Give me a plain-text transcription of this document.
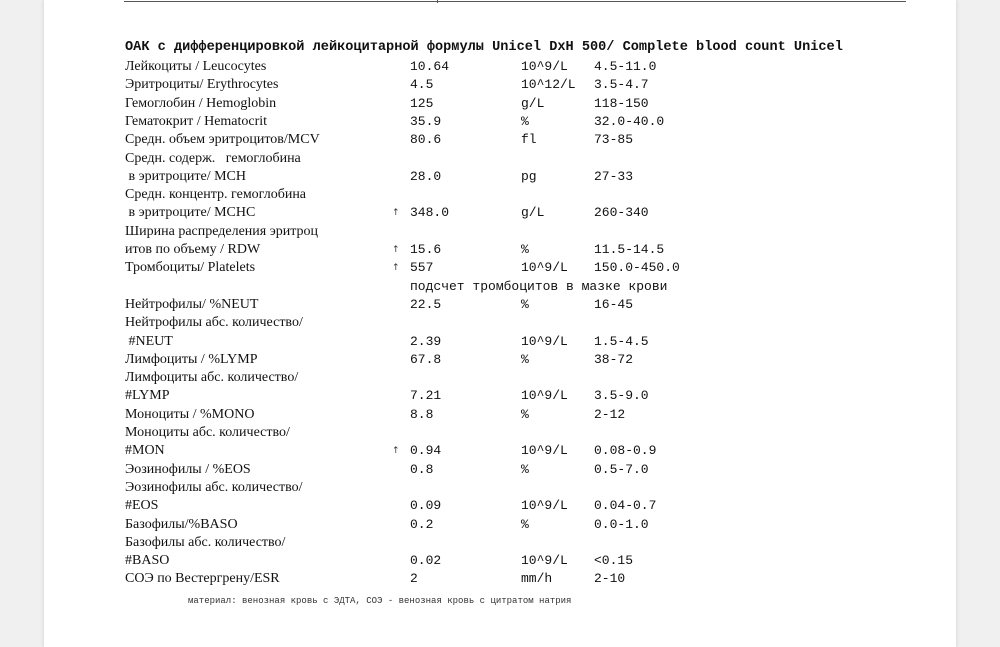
ОАК с дифференцировкой лейкоцитарной формулы Unicel DxH 500/ Complete blood count Unicel
Лейкоциты / Leucocytes	10.64	10^9/L 4.5-11.0
Эритроциты/ Erythrocytes	4.5	10^12/L 3.5-4.7
Гемоглобин / Hemoglobin	125	g/L	118-150
Гематокрит / Hematocrit	35.9	%	32.0-40.0
Средн. объем эритроцитов/MCV	80.6	fl	73-85
Средн. содерж.   гемоглобина
в эритроците/ MCH	28.0	pg	27-33
Средн. концентр. гемоглобина
в эритроците/ MCHC	↑ 348.0	g/L	260-340
Ширина распределения эритроц
итов по объему / RDW	↑ 15.6	%	11.5-14.5
Тромбоциты/ Platelets	↑ 557	10^9/L 150.0-450.0
Нейтрофилы/ %NEUT	22.5	%	16-45
Нейтрофилы абс. количество/
#NEUT	2.39	10^9/L 1.5-4.5
Лимфоциты / %LYMP	67.8	%	38-72
Лимфоциты абс. количество/
#LYMP	7.21	10^9/L 3.5-9.0
Моноциты / %MONO	8.8	%	2-12
Моноциты абс. количество/
#MON	↑ 0.94	10^9/L 0.08-0.9
Эозинофилы / %EOS	0.8	%	0.5-7.0
Эозинофилы абс. количество/
#EOS	0.09	10^9/L 0.04-0.7
Базофилы/%BASO	0.2	%	0.0-1.0
Базофилы абс. количество/
#BASO	0.02	10^9/L <0.15
СОЭ по Вестергрену/ESR	2	mm/h	2-10
подсчет тромбоцитов в мазке крови
материал: венозная кровь с ЭДТА, СОЭ - венозная кровь с цитратом натрия
